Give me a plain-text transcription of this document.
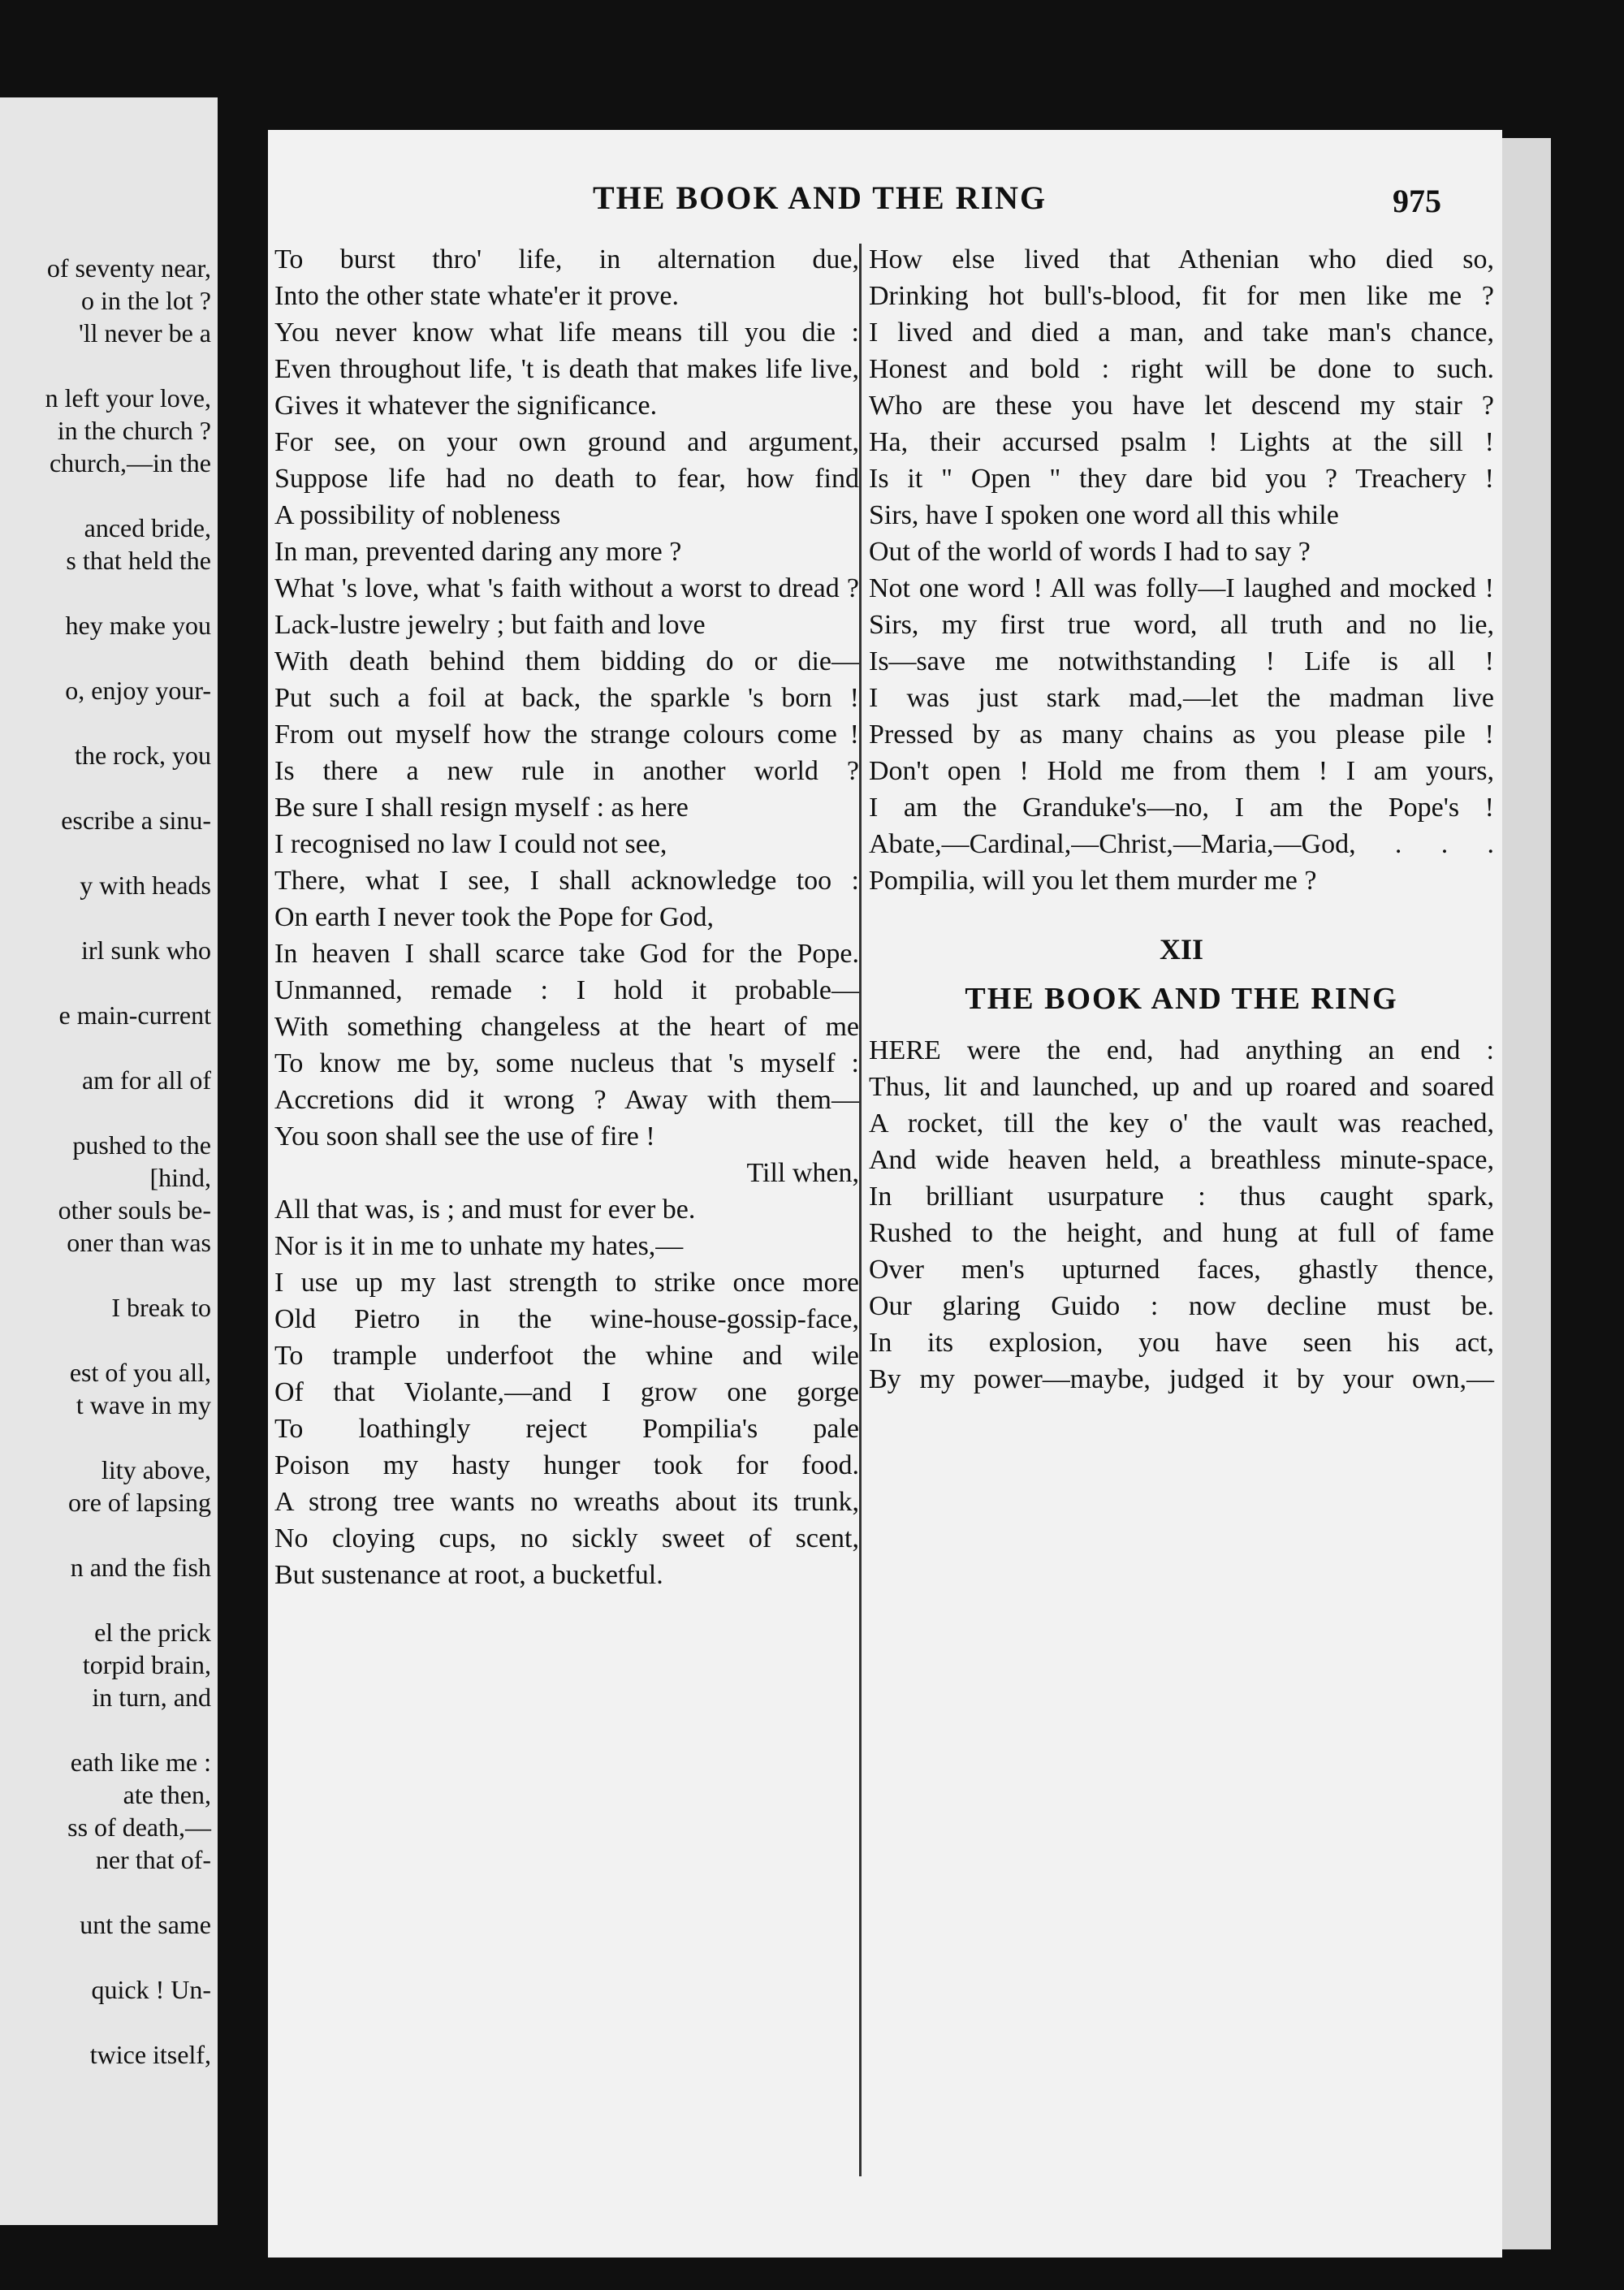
of seventy near,
o in the lot ?
'll never be a
n left your love,
in the church ?
church,—in the
anced bride,
s that held the
hey make you
o, enjoy your-
the rock, you
escribe a sinu-
y with heads
irl sunk who
e main-current
am for all of
pushed to the
[hind,
other souls be-
oner than was
I break to
est of you all,
t wave in my
lity above,
ore of lapsing
n and the fish
el the prick
torpid brain,
in turn, and
eath like me :
ate then,
ss of death,—
ner that of-
unt the same
quick ! Un-
twice itself,
THE BOOK AND THE RING	975

To burst thro' life, in alternation due,

Into the other state whate'er it prove.

You never know what life means till you die :

Even throughout life, 't is death that makes life live,

Gives it whatever the significance.

For see, on your own ground and argument,

Suppose life had no death to fear, how find

A possibility of nobleness

In man, prevented daring any more ?

What 's love, what 's faith without a worst to dread ?

Lack-lustre jewelry ; but faith and love

With death behind them bidding do or die—

Put such a foil at back, the sparkle 's born !

From out myself how the strange colours come !

Is there a new rule in another world ?

Be sure I shall resign myself : as here

I recognised no law I could not see,

There, what I see, I shall acknowledge too :

On earth I never took the Pope for God,

In heaven I shall scarce take God for the Pope.

Unmanned, remade : I hold it probable—

With something changeless at the heart of me

To know me by, some nucleus that 's myself :

Accretions did it wrong ? Away with them—

You soon shall see the use of fire !

Till when,

All that was, is ; and must for ever be.

Nor is it in me to unhate my hates,—

I use up my last strength to strike once more

Old Pietro in the wine-house-gossip-face,

To trample underfoot the whine and wile

Of that Violante,—and I grow one gorge

To loathingly reject Pompilia's pale

Poison my hasty hunger took for food.

A strong tree wants no wreaths about its trunk,

No cloying cups, no sickly sweet of scent,

But sustenance at root, a bucketful.

How else lived that Athenian who died so,

Drinking hot bull's-blood, fit for men like me ?

I lived and died a man, and take man's chance,

Honest and bold : right will be done to such.

Who are these you have let descend my stair ?

Ha, their accursed psalm ! Lights at the sill !

Is it " Open " they dare bid you ? Treachery !

Sirs, have I spoken one word all this while

Out of the world of words I had to say ?

Not one word ! All was folly—I laughed and mocked !

Sirs, my first true word, all truth and no lie,

Is—save me notwithstanding ! Life is all !

I was just stark mad,—let the madman live

Pressed by as many chains as you please pile !

Don't open ! Hold me from them ! I am yours,

I am the Granduke's—no, I am the Pope's !

Abate,—Cardinal,—Christ,—Maria,—God, . . .

Pompilia, will you let them murder me ?

XII
THE BOOK AND THE RING

HERE were the end, had anything an end :

Thus, lit and launched, up and up roared and soared

A rocket, till the key o' the vault was reached,

And wide heaven held, a breathless minute-space,

In brilliant usurpature : thus caught spark,

Rushed to the height, and hung at full of fame

Over men's upturned faces, ghastly thence,

Our glaring Guido : now decline must be.

In its explosion, you have seen his act,

By my power—maybe, judged it by your own,—
